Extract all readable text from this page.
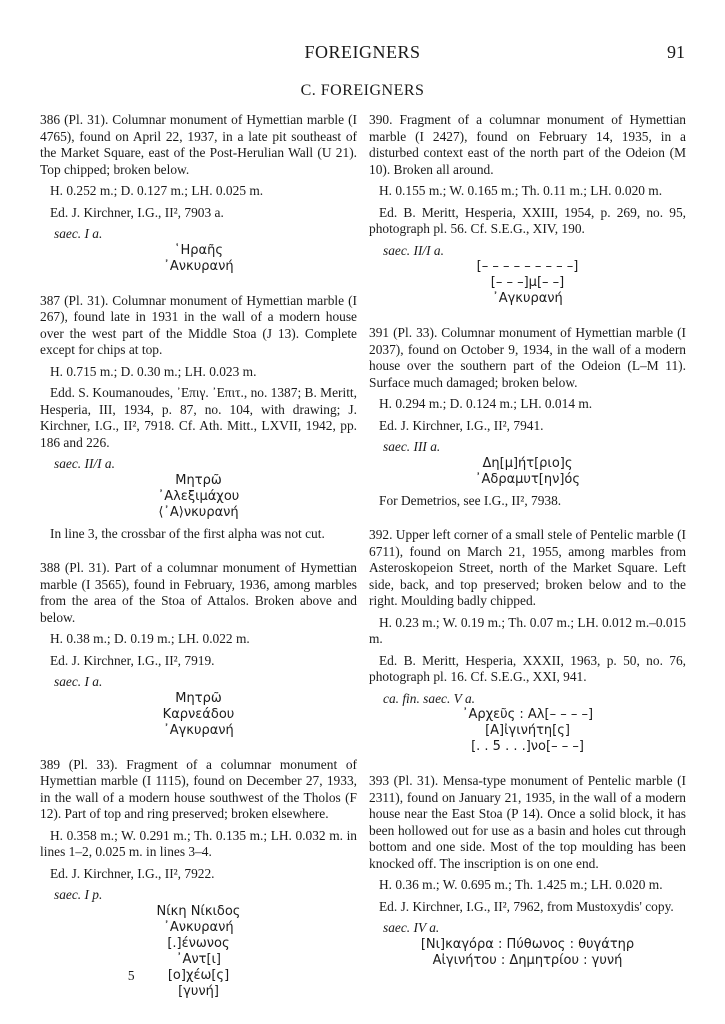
FOREIGNERS	91
C. FOREIGNERS

386 (Pl. 31). Columnar monument of Hymettian marble (I 4765), found on April 22, 1937, in a late pit southeast of the Market Square, east of the Post-Herulian Wall (U 21). Top chipped; broken below.

H. 0.252 m.; D. 0.127 m.; LH. 0.025 m.

Ed. J. Kirchner, I.G., II², 7903 a.

saec. I a.
῾Ηραῆς
᾽Ανκυρανή

387 (Pl. 31). Columnar monument of Hymettian marble (I 267), found late in 1931 in the wall of a modern house over the west part of the Middle Stoa (J 13). Complete except for chips at top.

H. 0.715 m.; D. 0.30 m.; LH. 0.023 m.

Edd. S. Koumanoudes, ᾽Επιγ. ᾽Επιτ., no. 1387; B. Meritt, Hesperia, III, 1934, p. 87, no. 104, with drawing; J. Kirchner, I.G., II², 7918. Cf. Ath. Mitt., LXVII, 1942, pp. 186 and 226.

saec. II/I a.
Μητρῶ
᾽Αλεξιμάχου
⟨᾽Α⟩νκυρανή

In line 3, the crossbar of the first alpha was not cut.

388 (Pl. 31). Part of a columnar monument of Hymettian marble (I 3565), found in February, 1936, among marbles from the area of the Stoa of Attalos. Broken above and below.

H. 0.38 m.; D. 0.19 m.; LH. 0.022 m.

Ed. J. Kirchner, I.G., II², 7919.

saec. I a.
Μητρῶ
Καρνεάδου
᾽Αγκυρανή

389 (Pl. 33). Fragment of a columnar monument of Hymettian marble (I 1115), found on December 27, 1933, in the wall of a modern house southwest of the Tholos (F 12). Part of top and ring preserved; broken elsewhere.

H. 0.358 m.; W. 0.291 m.; Th. 0.135 m.; LH. 0.032 m. in lines 1–2, 0.025 m. in lines 3–4.

Ed. J. Kirchner, I.G., II², 7922.

saec. I p.
Νίκη Νίκιδος
᾽Ανκυρανή
[.]ένωνος
᾽Αντ[ι]
5	[ο]χέω[ς]
[γυνή]

390. Fragment of a columnar monument of Hymettian marble (I 2427), found on February 14, 1935, in a disturbed context east of the north part of the Odeion (M 10). Broken all around.

H. 0.155 m.; W. 0.165 m.; Th. 0.11 m.; LH. 0.020 m.

Ed. B. Meritt, Hesperia, XXIII, 1954, p. 269, no. 95, photograph pl. 56. Cf. S.E.G., XIV, 190.

saec. II/I a.
[– – – – – – – – –]
[– – –]μ[– –]
᾽Αγκυρανή

391 (Pl. 33). Columnar monument of Hymettian marble (I 2037), found on October 9, 1934, in the wall of a modern house over the southern part of the Odeion (L–M 11). Surface much damaged; broken below.

H. 0.294 m.; D. 0.124 m.; LH. 0.014 m.

Ed. J. Kirchner, I.G., II², 7941.

saec. III a.
Δη[μ]ήτ[ριο]ς
᾽Αδραμυτ[ην]ός

For Demetrios, see I.G., II², 7938.

392. Upper left corner of a small stele of Pentelic marble (I 6711), found on March 21, 1955, among marbles from Asteroskopeion Street, north of the Market Square. Left side, back, and top preserved; broken below and to the right. Moulding badly chipped.

H. 0.23 m.; W. 0.19 m.; Th. 0.07 m.; LH. 0.012 m.–0.015 m.

Ed. B. Meritt, Hesperia, XXXII, 1963, p. 50, no. 76, photograph pl. 16. Cf. S.E.G., XXI, 941.

ca. fin. saec. V a.
᾽Αρχεῦς : Αλ[– – – –]
[Α]ἰγινήτη[ς]
[. . 5 . . .]νο[– – –]

393 (Pl. 31). Mensa-type monument of Pentelic marble (I 2311), found on January 21, 1935, in the wall of a modern house near the East Stoa (P 14). Once a solid block, it has been hollowed out for use as a basin and holes cut through bottom and one side. Most of the top moulding has been knocked off. The inscription is on one end.

H. 0.36 m.; W. 0.695 m.; Th. 1.425 m.; LH. 0.020 m.

Ed. J. Kirchner, I.G., II², 7962, from Mustoxydis' copy.

saec. IV a.
[Νι]καγόρα : Πύθωνος : θυγάτηρ
Αἰγινήτου : Δημητρίου : γυνή
